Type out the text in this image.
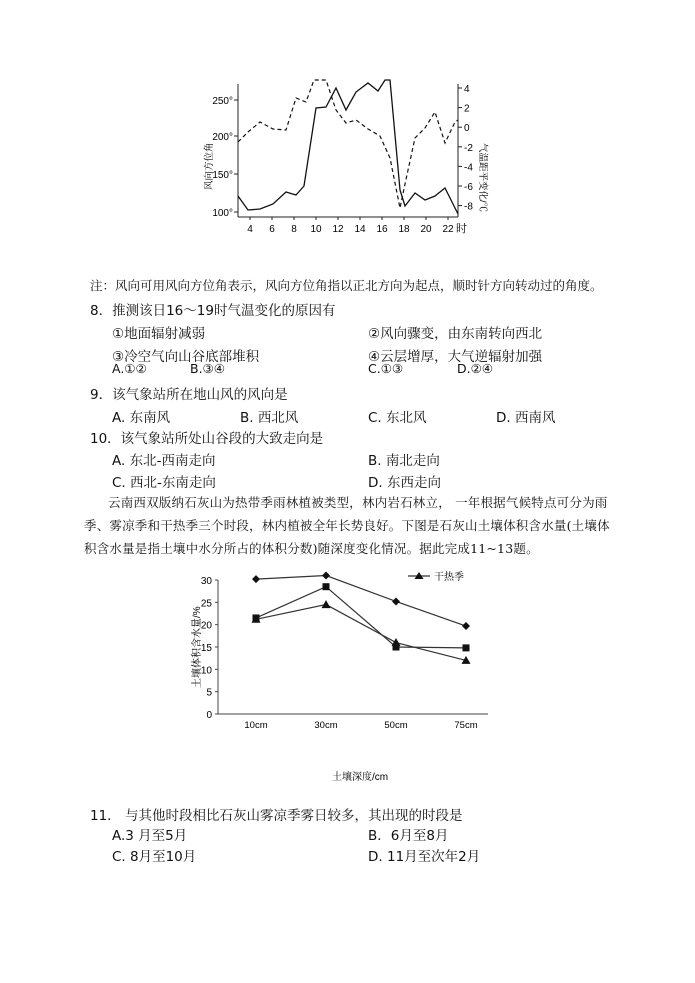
250°
200°
150°
100°
4
2
0
-2
-4
-6
-8
4 6 8 10 12 14 16 18 20 22 时
风向方位角	气温距平变化/℃
注：风向可用风向方位角表示，风向方位角指以正北方向为起点，顺时针方向转动过的角度。
8．推测该日16～19时气温变化的原因有
①地面辐射减弱	②风向骤变，由东南转向西北
③冷空气向山谷底部堆积	④云层增厚，大气逆辐射加强
A.①②	B.③④	C.①③	D.②④
9．该气象站所在地山风的风向是
A. 东南风	B. 西北风	C. 东北风	D. 西南风
10．该气象站所处山谷段的大致走向是
A. 东北-西南走向	B. 南北走向
C. 西北-东南走向	D. 东西走向
云南西双版纳石灰山为热带季雨林植被类型，林内岩石林立， 一年根据气候特点可分为雨季、雾凉季和干热季三个时段，林内植被全年长势良好。下图是石灰山土壤体积含水量(土壤体积含水量是指土壤中水分所占的体积分数)随深度变化情况。据此完成11~13题。
30
25
20
15
10
5
0
10cm	30cm	50cm	75cm
干热季
土壤体积含水量/%
土壤深度/cm
11． 与其他时段相比石灰山雾凉季雾日较多，其出现的时段是
A.3 月至5月	B．6月至8月
C. 8月至10月	D. 11月至次年2月
